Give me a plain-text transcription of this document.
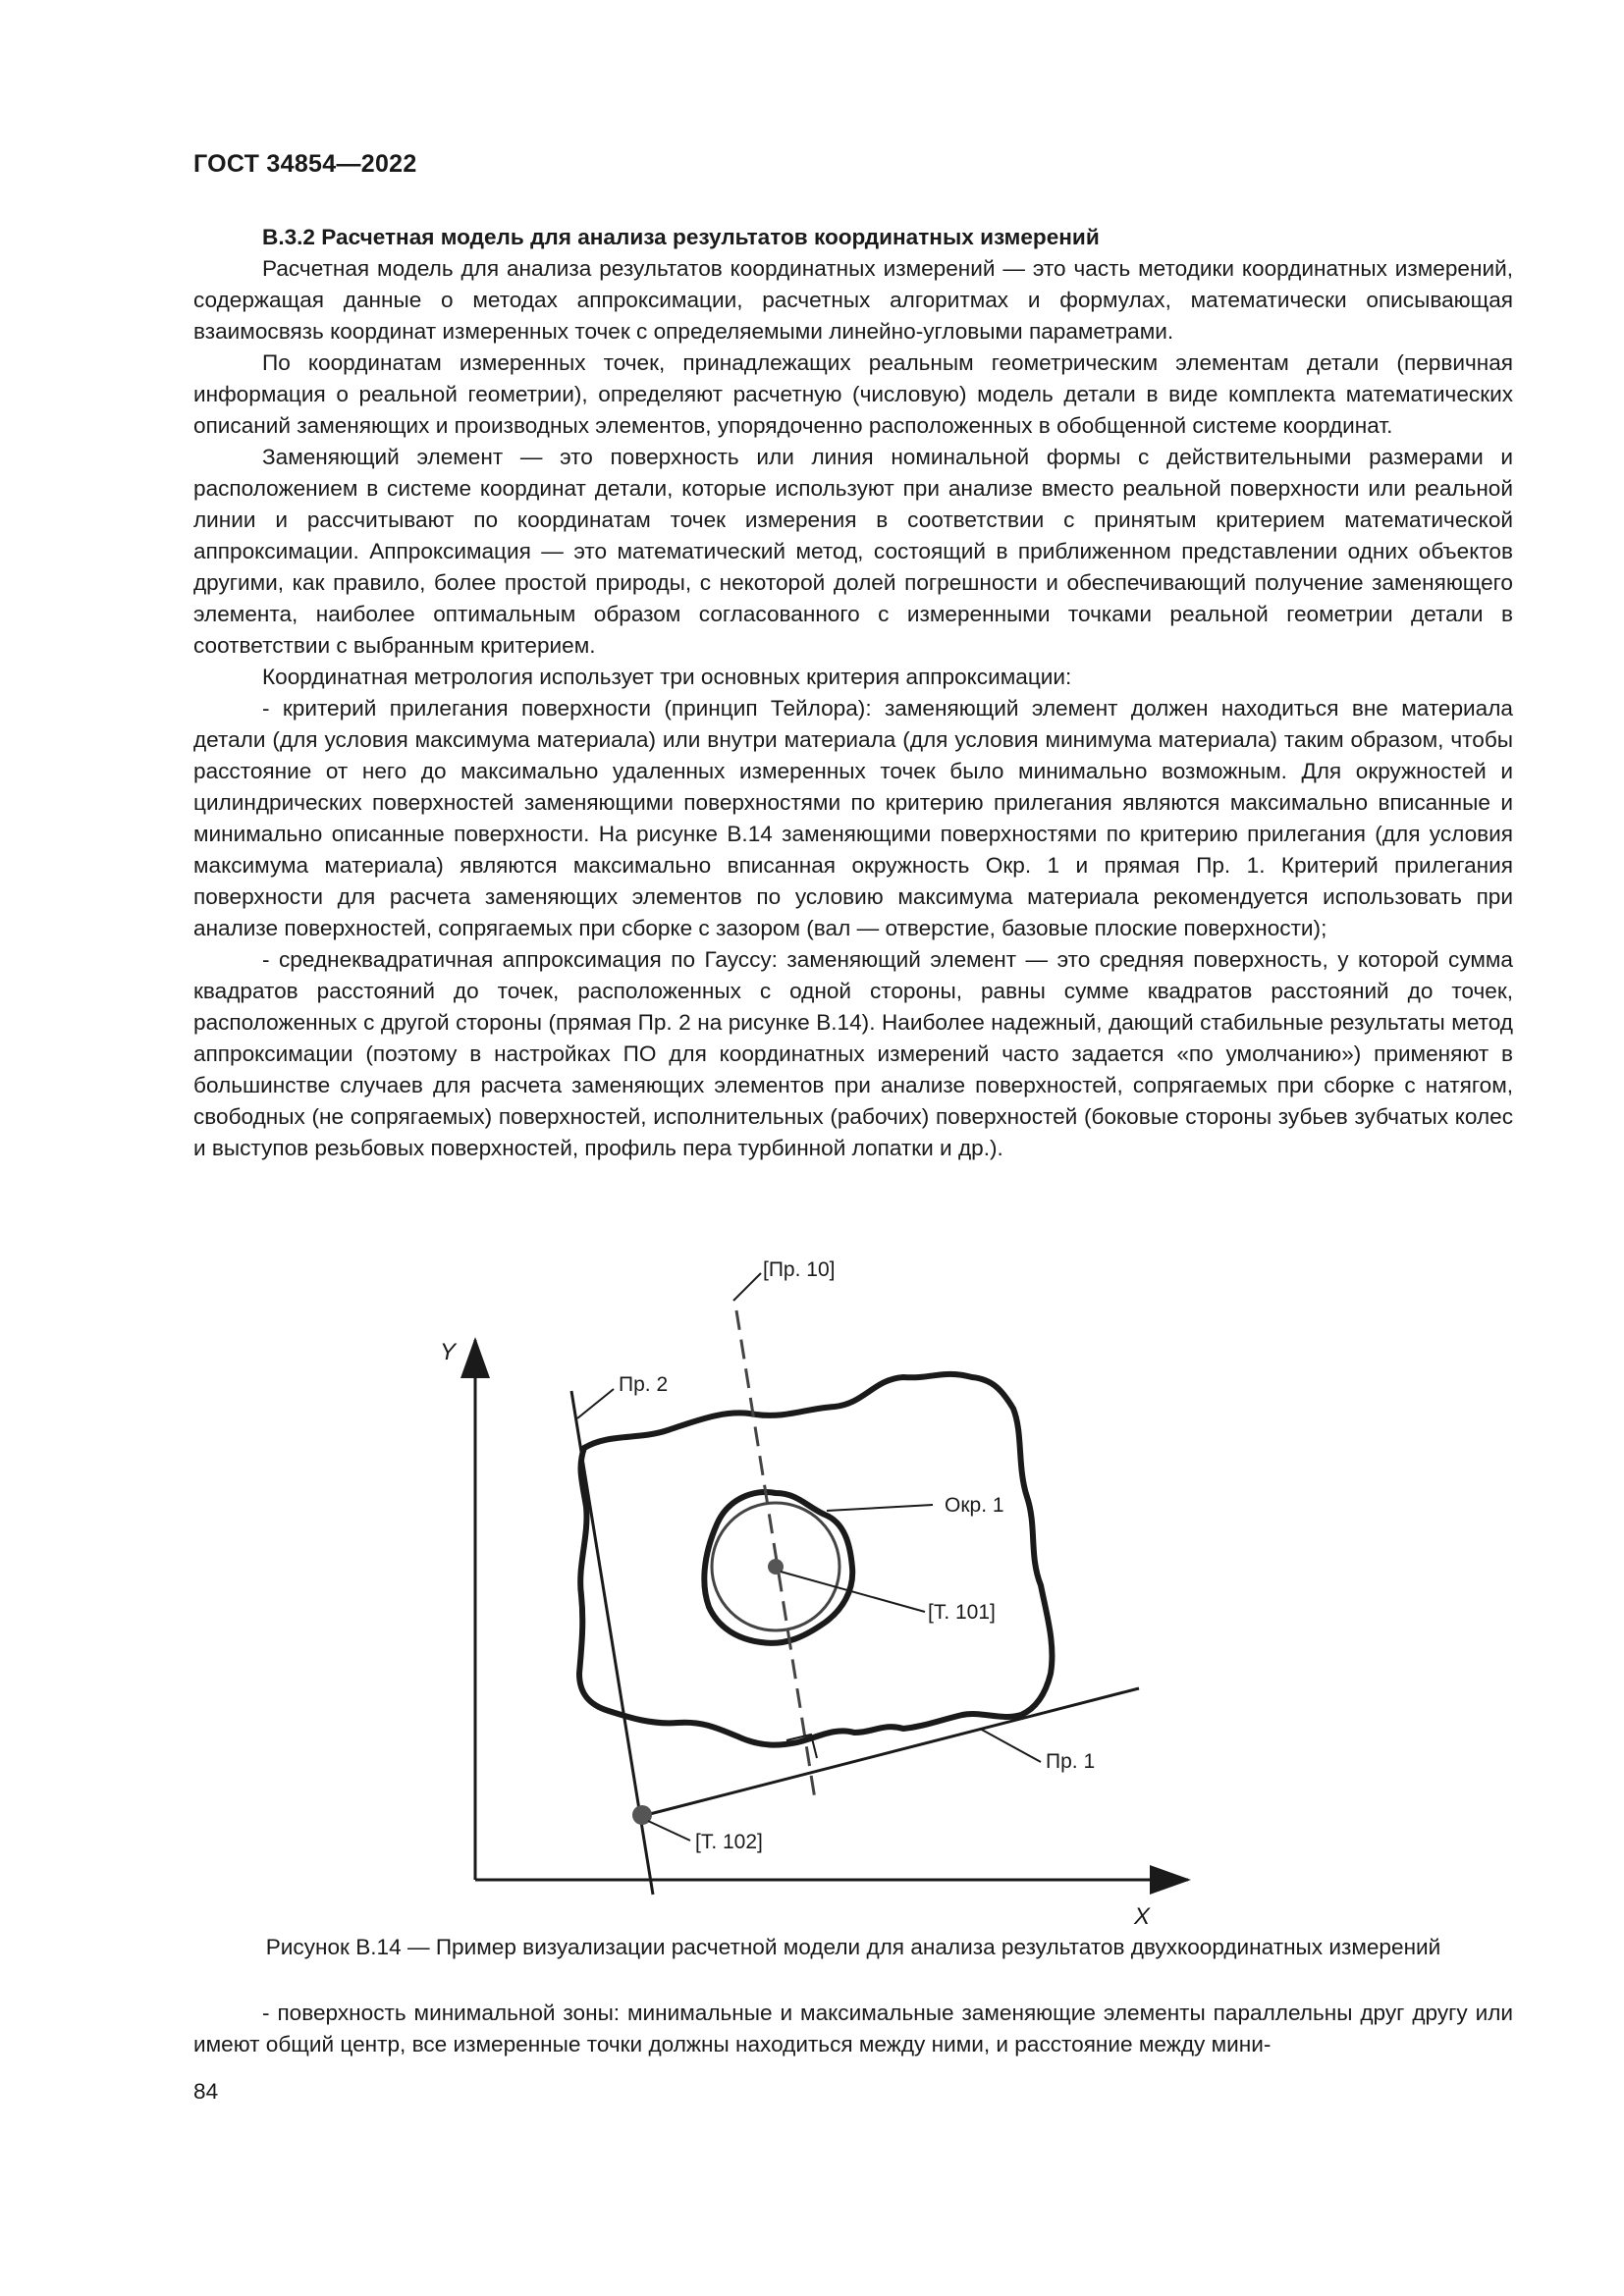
ГОСТ 34854—2022

В.3.2 Расчетная модель для анализа результатов координатных измерений

Расчетная модель для анализа результатов координатных измерений — это часть методики координатных измерений, содержащая данные о методах аппроксимации, расчетных алгоритмах и формулах, математически описывающая взаимосвязь координат измеренных точек с определяемыми линейно-угловыми параметрами.

По координатам измеренных точек, принадлежащих реальным геометрическим элементам детали (первичная информация о реальной геометрии), определяют расчетную (числовую) модель детали в виде комплекта математических описаний заменяющих и производных элементов, упорядоченно расположенных в обобщенной системе координат.

Заменяющий элемент — это поверхность или линия номинальной формы с действительными размерами и расположением в системе координат детали, которые используют при анализе вместо реальной поверхности или реальной линии и рассчитывают по координатам точек измерения в соответствии с принятым критерием математической аппроксимации. Аппроксимация — это математический метод, состоящий в приближенном представлении одних объектов другими, как правило, более простой природы, с некоторой долей погрешности и обеспечивающий получение заменяющего элемента, наиболее оптимальным образом согласованного с измеренными точками реальной геометрии детали в соответствии с выбранным критерием.

Координатная метрология использует три основных критерия аппроксимации:

- критерий прилегания поверхности (принцип Тейлора): заменяющий элемент должен находиться вне материала детали (для условия максимума материала) или внутри материала (для условия минимума материала) таким образом, чтобы расстояние от него до максимально удаленных измеренных точек было минимально возможным. Для окружностей и цилиндрических поверхностей заменяющими поверхностями по критерию прилегания являются максимально вписанные и минимально описанные поверхности. На рисунке В.14 заменяющими поверхностями по критерию прилегания (для условия максимума материала) являются максимально вписанная окружность Окр. 1 и прямая Пр. 1. Критерий прилегания поверхности для расчета заменяющих элементов по условию максимума материала рекомендуется использовать при анализе поверхностей, сопрягаемых при сборке с зазором (вал — отверстие, базовые плоские поверхности);

- среднеквадратичная аппроксимация по Гауссу: заменяющий элемент — это средняя поверхность, у которой сумма квадратов расстояний до точек, расположенных с одной стороны, равны сумме квадратов расстояний до точек, расположенных с другой стороны (прямая Пр. 2 на рисунке В.14). Наиболее надежный, дающий стабильные результаты метод аппроксимации (поэтому в настройках ПО для координатных измерений часто задается «по умолчанию») применяют в большинстве случаев для расчета заменяющих элементов при анализе поверхностей, сопрягаемых при сборке с натягом, свободных (не сопрягаемых) поверхностей, исполнительных (рабочих) поверхностей (боковые стороны зубьев зубчатых колес и выступов резьбовых поверхностей, профиль пера турбинной лопатки и др.).

Y
X
[Пр. 10]
Пр. 2
Окр. 1
[Т. 101]
Пр. 1
[Т. 102]
Рисунок В.14 — Пример визуализации расчетной модели для анализа результатов двухкоординатных измерений

- поверхность минимальной зоны: минимальные и максимальные заменяющие элементы параллельны друг другу или имеют общий центр, все измеренные точки должны находиться между ними, и расстояние между мини-

84
